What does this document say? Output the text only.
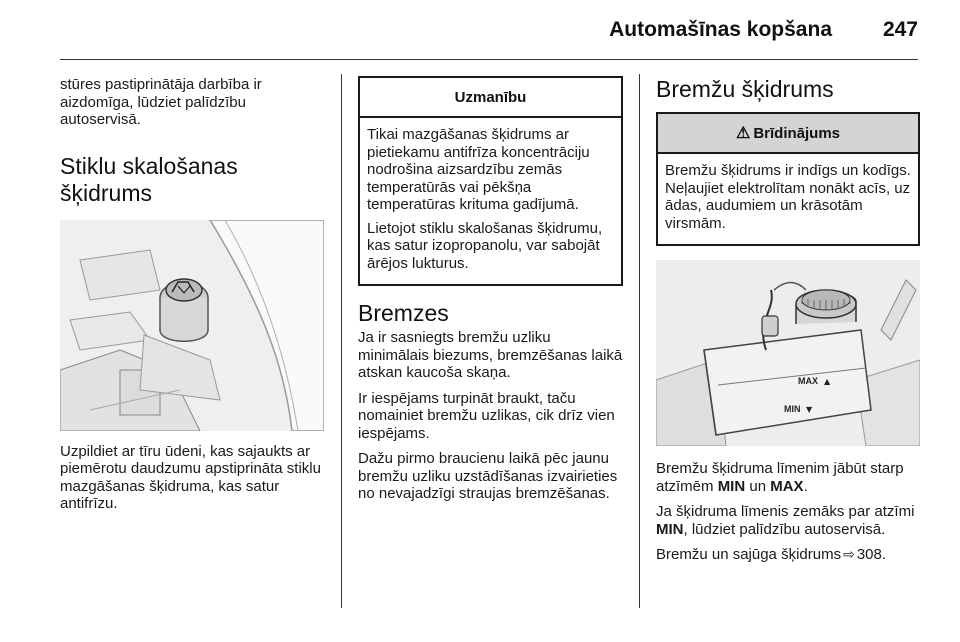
Automašīnas kopšana 247

stūres pastiprinātāja darbība ir aizdomīga, lūdziet palīdzību autoservisā.

Stiklu skalošanas šķidrums

Uzpildiet ar tīru ūdeni, kas sajaukts ar piemērotu daudzumu apstiprināta stiklu mazgāšanas šķidruma, kas satur antifrīzu.

Uzmanību

Tikai mazgāšanas šķidrums ar pietiekamu antifrīza koncentrāciju nodrošina aizsardzību zemās temperatūrās vai pēkšņa temperatūras krituma gadījumā.

Lietojot stiklu skalošanas šķidrumu, kas satur izopropanolu, var sabojāt ārējos lukturus.

Bremzes

Ja ir sasniegts bremžu uzliku minimālais biezums, bremzēšanas laikā atskan kaucoša skaņa.

Ir iespējams turpināt braukt, taču nomainiet bremžu uzlikas, cik drīz vien iespējams.

Dažu pirmo braucienu laikā pēc jaunu bremžu uzliku uzstādīšanas izvairieties no nevajadzīgi straujas bremzēšanas.

Bremžu šķidrums
⚠ Brīdinājums

Bremžu šķidrums ir indīgs un kodīgs. Neļaujiet elektrolītam nonākt acīs, uz ādas, audumiem un krāsotām virsmām.

MAX ▲
MIN ▼

Bremžu šķidruma līmenim jābūt starp atzīmēm MIN un MAX.

Ja šķidruma līmenis zemāks par atzīmi MIN, lūdziet palīdzību autoservisā.

Bremžu un sajūga šķidrums ⇨ 308.
